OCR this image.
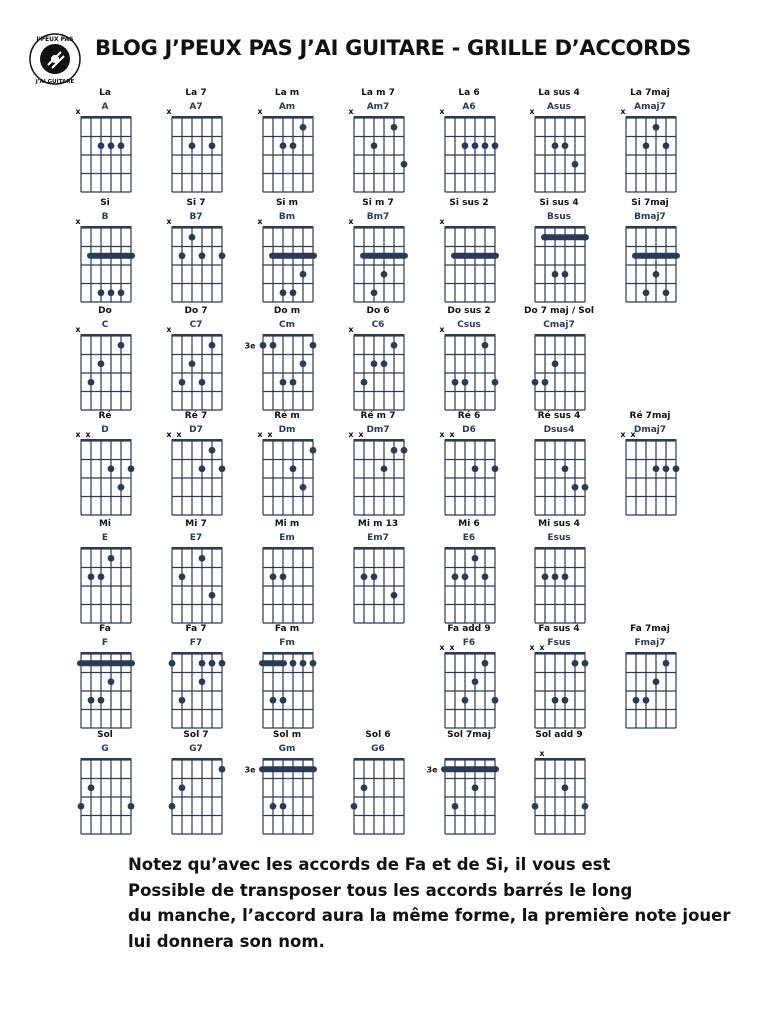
J'PEUX PAS
J'AI GUITARE
BLOG J’PEUX PAS J’AI GUITARE - GRILLE D’ACCORDS
La
A
x
La 7
A7
x
La m
Am
x
La m 7
Am7
x
La 6
A6
x
La sus 4
Asus
x
La 7maj
Amaj7
x
Si
B
x
Si 7
B7
x
Si m
Bm
x
Si m 7
Bm7
x
Si sus 2
x
Si sus 4
Bsus
Si 7maj
Bmaj7
Do
C
x
Do 7
C7
x
Do m
Cm
3e
Do 6
C6
x
Do sus 2
Csus
x
Do 7 maj / Sol
Cmaj7
Ré
D
x x
Ré 7
D7
x x
Ré m
Dm
x x
Ré m 7
Dm7
x x
Ré 6
D6
x x
Ré sus 4
Dsus4
Ré 7maj
Dmaj7
x x
Mi
E
Mi 7
E7
Mi m
Em
Mi m 13
Em7
Mi 6
E6
Mi sus 4
Esus
Fa
F
Fa 7
F7
Fa m
Fm
Fa add 9
F6
x x
Fa sus 4
Fsus
x x
Fa 7maj
Fmaj7
Sol
G
Sol 7
G7
Sol m
Gm
3e
Sol 6
G6
Sol 7maj
3e
Sol add 9
x
Notez qu’avec les accords de Fa et de Si, il vous est
Possible de transposer tous les accords barrés le long
du manche, l’accord aura la même forme, la première note jouer
lui donnera son nom.
